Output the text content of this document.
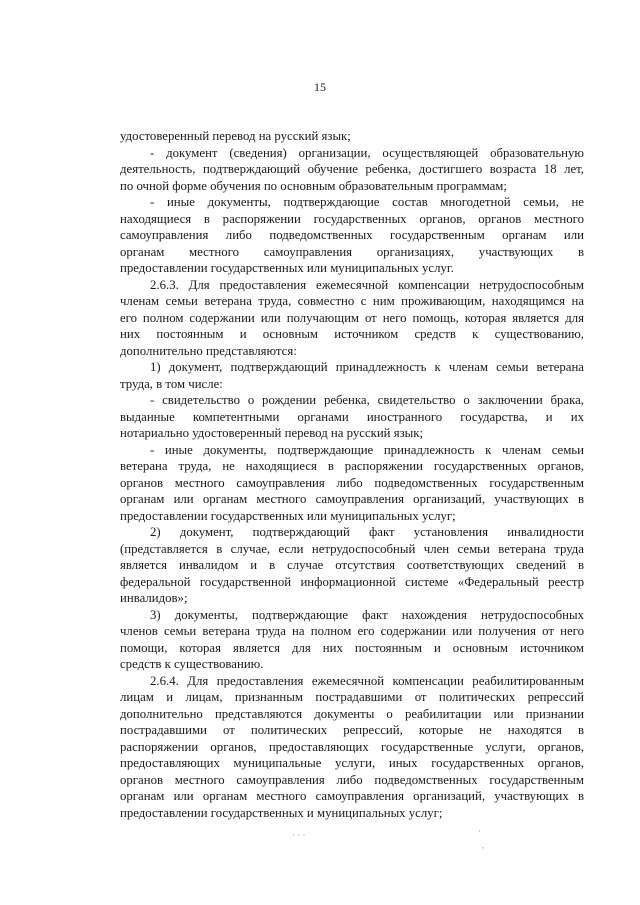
15

удостоверенный перевод на русский язык;

- документ (сведения) организации, осуществляющей образовательную

деятельность, подтверждающий обучение ребенка, достигшего возраста 18 лет,

по очной форме обучения по основным образовательным программам;

- иные документы, подтверждающие состав многодетной семьи, не

находящиеся в распоряжении государственных органов, органов местного

самоуправления либо подведомственных государственным органам или

органам местного самоуправления организациях, участвующих в

предоставлении государственных или муниципальных услуг.

2.6.3. Для предоставления ежемесячной компенсации нетрудоспособным

членам семьи ветерана труда, совместно с ним проживающим, находящимся на

его полном содержании или получающим от него помощь, которая является для

них постоянным и основным источником средств к существованию,

дополнительно представляются:

1) документ, подтверждающий принадлежность к членам семьи ветерана

труда, в том числе:

- свидетельство о рождении ребенка, свидетельство о заключении брака,

выданные компетентными органами иностранного государства, и их

нотариально удостоверенный перевод на русский язык;

- иные документы, подтверждающие принадлежность к членам семьи

ветерана труда, не находящиеся в распоряжении государственных органов,

органов местного самоуправления либо подведомственных государственным

органам или органам местного самоуправления организаций, участвующих в

предоставлении государственных или муниципальных услуг;

2) документ, подтверждающий факт установления инвалидности

(представляется в случае, если нетрудоспособный член семьи ветерана труда

является инвалидом и в случае отсутствия соответствующих сведений в

федеральной государственной информационной системе «Федеральный реестр

инвалидов»;

3) документы, подтверждающие факт нахождения нетрудоспособных

членов семьи ветерана труда на полном его содержании или получения от него

помощи, которая является для них постоянным и основным источником

средств к существованию.

2.6.4. Для предоставления ежемесячной компенсации реабилитированным

лицам и лицам, признанным пострадавшими от политических репрессий

дополнительно представляются документы о реабилитации или признании

пострадавшими от политических репрессий, которые не находятся в

распоряжении органов, предоставляющих государственные услуги, органов,

предоставляющих муниципальные услуги, иных государственных органов,

органов местного самоуправления либо подведомственных государственным

органам или органам местного самоуправления организаций, участвующих в

предоставлении государственных и муниципальных услуг;

· · ·	·
,
